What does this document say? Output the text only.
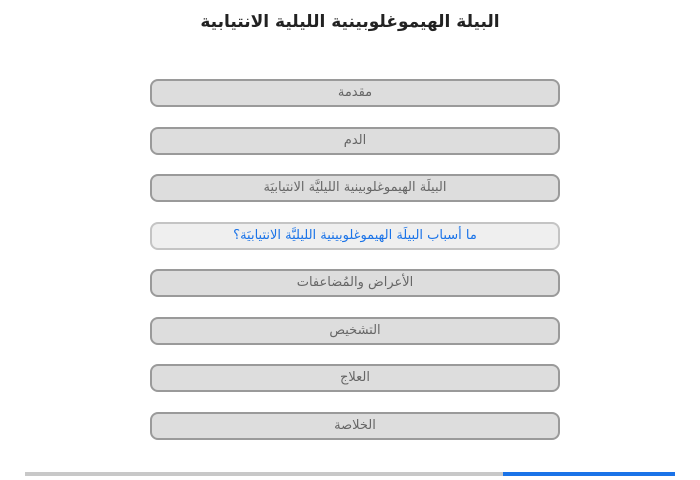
البيلة الهيموغلوبينية الليلية الانتيابية
مقدمة
الدم
البيلَة الهيموغلوبينية الليليَّة الانتيابيَة
ما أسباب البيلَة الهيموغلوبينية الليليَّة الانتيابيَة؟
الأعراض والمُضاعفات
التشخيص
العلاج
الخلاصة
